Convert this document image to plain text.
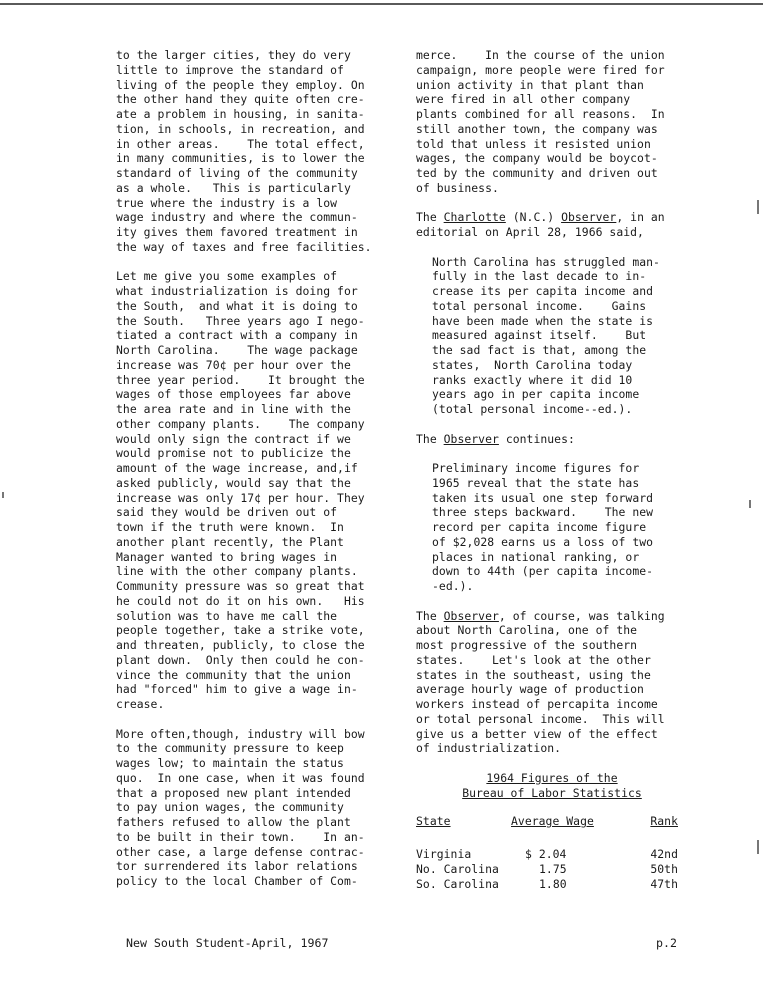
to the larger cities, they do very
little to improve the standard of
living of the people they employ. On
the other hand they quite often cre-
ate a problem in housing, in sanita-
tion, in schools, in recreation, and
in other areas.    The total effect,
in many communities, is to lower the
standard of living of the community
as a whole.   This is particularly
true where the industry is a low
wage industry and where the commun-
ity gives them favored treatment in
the way of taxes and free facilities.

Let me give you some examples of
what industrialization is doing for
the South,  and what it is doing to
the South.   Three years ago I nego-
tiated a contract with a company in
North Carolina.    The wage package
increase was 70¢ per hour over the
three year period.    It brought the
wages of those employees far above
the area rate and in line with the
other company plants.    The company
would only sign the contract if we
would promise not to publicize the
amount of the wage increase, and,if
asked publicly, would say that the
increase was only 17¢ per hour. They
said they would be driven out of
town if the truth were known.  In
another plant recently, the Plant
Manager wanted to bring wages in
line with the other company plants.
Community pressure was so great that
he could not do it on his own.   His
solution was to have me call the
people together, take a strike vote,
and threaten, publicly, to close the
plant down.  Only then could he con-
vince the community that the union
had "forced" him to give a wage in-
crease.

More often,though, industry will bow
to the community pressure to keep
wages low; to maintain the status
quo.  In one case, when it was found
that a proposed new plant intended
to pay union wages, the community
fathers refused to allow the plant
to be built in their town.    In an-
other case, a large defense contrac-
tor surrendered its labor relations
policy to the local Chamber of Com-

merce.    In the course of the union
campaign, more people were fired for
union activity in that plant than
were fired in all other company
plants combined for all reasons.  In
still another town, the company was
told that unless it resisted union
wages, the company would be boycot-
ted by the community and driven out
of business.

The Charlotte (N.C.) Observer, in an
editorial on April 28, 1966 said,

North Carolina has struggled man-
fully in the last decade to in-
crease its per capita income and
total personal income.    Gains
have been made when the state is
measured against itself.    But
the sad fact is that, among the
states,  North Carolina today
ranks exactly where it did 10
years ago in per capita income
(total personal income--ed.).

The Observer continues:

Preliminary income figures for
1965 reveal that the state has
taken its usual one step forward
three steps backward.    The new
record per capita income figure
of $2,028 earns us a loss of two
places in national ranking, or
down to 44th (per capita income-
-ed.).

The Observer, of course, was talking
about North Carolina, one of the
most progressive of the southern
states.    Let's look at the other
states in the southeast, using the
average hourly wage of production
workers instead of percapita income
or total personal income.  This will
give us a better view of the effect
of industrialization.

1964 Figures of the
Bureau of Labor Statistics
State	Average Wage	Rank
Virginia	$ 2.04	42nd
No. Carolina	1.75	50th
So. Carolina	1.80	47th
New South Student-April, 1967	p.2
